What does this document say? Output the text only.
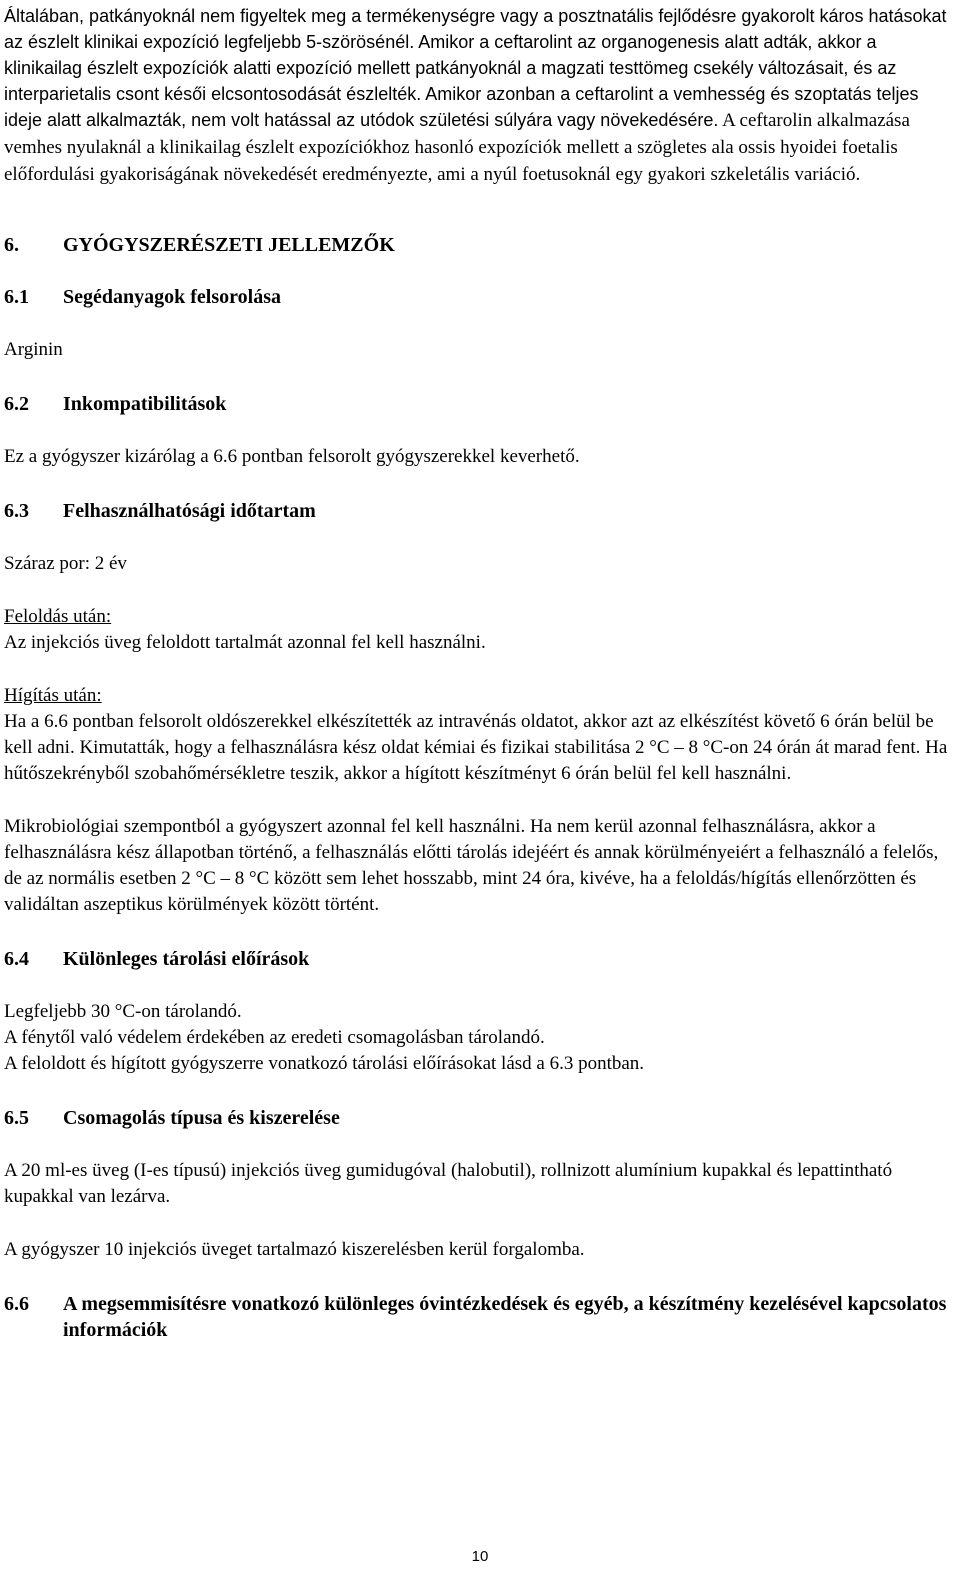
Általában, patkányoknál nem figyeltek meg a termékenységre vagy a posztnatális fejlődésre gyakorolt káros hatásokat az észlelt klinikai expozíció legfeljebb 5-szörösénél. Amikor a ceftarolint az organogenesis alatt adták, akkor a klinikailag észlelt expozíciók alatti expozíció mellett patkányoknál a magzati testtömeg csekély változásait, és az interparietalis csont késői elcsontosodását észlelték. Amikor azonban a ceftarolint a vemhesség és szoptatás teljes ideje alatt alkalmazták, nem volt hatással az utódok születési súlyára vagy növekedésére. A ceftarolin alkalmazása vemhes nyulaknál a klinikailag észlelt expozíciókhoz hasonló expozíciók mellett a szögletes ala ossis hyoidei foetalis előfordulási gyakoriságának növekedését eredményezte, ami a nyúl foetusoknál egy gyakori szkeletális variáció.

6.	GYÓGYSZERÉSZETI JELLEMZŐK
6.1	Segédanyagok felsorolása

Arginin

6.2	Inkompatibilitások

Ez a gyógyszer kizárólag a 6.6 pontban felsorolt gyógyszerekkel keverhető.

6.3	Felhasználhatósági időtartam

Száraz por: 2 év

Feloldás után:

Az injekciós üveg feloldott tartalmát azonnal fel kell használni.

Hígítás után:

Ha a 6.6 pontban felsorolt oldószerekkel elkészítették az intravénás oldatot, akkor azt az elkészítést követő 6 órán belül be kell adni. Kimutatták, hogy a felhasználásra kész oldat kémiai és fizikai stabilitása 2 °C – 8 °C-on 24 órán át marad fent. Ha hűtőszekrényből szobahőmérsékletre teszik, akkor a hígított készítményt 6 órán belül fel kell használni.

Mikrobiológiai szempontból a gyógyszert azonnal fel kell használni. Ha nem kerül azonnal felhasználásra, akkor a felhasználásra kész állapotban történő, a felhasználás előtti tárolás idejéért és annak körülményeiért a felhasználó a felelős, de az normális esetben 2 °C – 8 °C között sem lehet hosszabb, mint 24 óra, kivéve, ha a feloldás/hígítás ellenőrzötten és validáltan aszeptikus körülmények között történt.

6.4	Különleges tárolási előírások

Legfeljebb 30 °C-on tárolandó.

A fénytől való védelem érdekében az eredeti csomagolásban tárolandó.

A feloldott és hígított gyógyszerre vonatkozó tárolási előírásokat lásd a 6.3 pontban.

6.5	Csomagolás típusa és kiszerelése

A 20 ml-es üveg (I-es típusú) injekciós üveg gumidugóval (halobutil), rollnizott alumínium kupakkal és lepattintható kupakkal van lezárva.

A gyógyszer 10 injekciós üveget tartalmazó kiszerelésben kerül forgalomba.

6.6	A megsemmisítésre vonatkozó különleges óvintézkedések és egyéb, a készítmény kezelésével kapcsolatos információk
10
